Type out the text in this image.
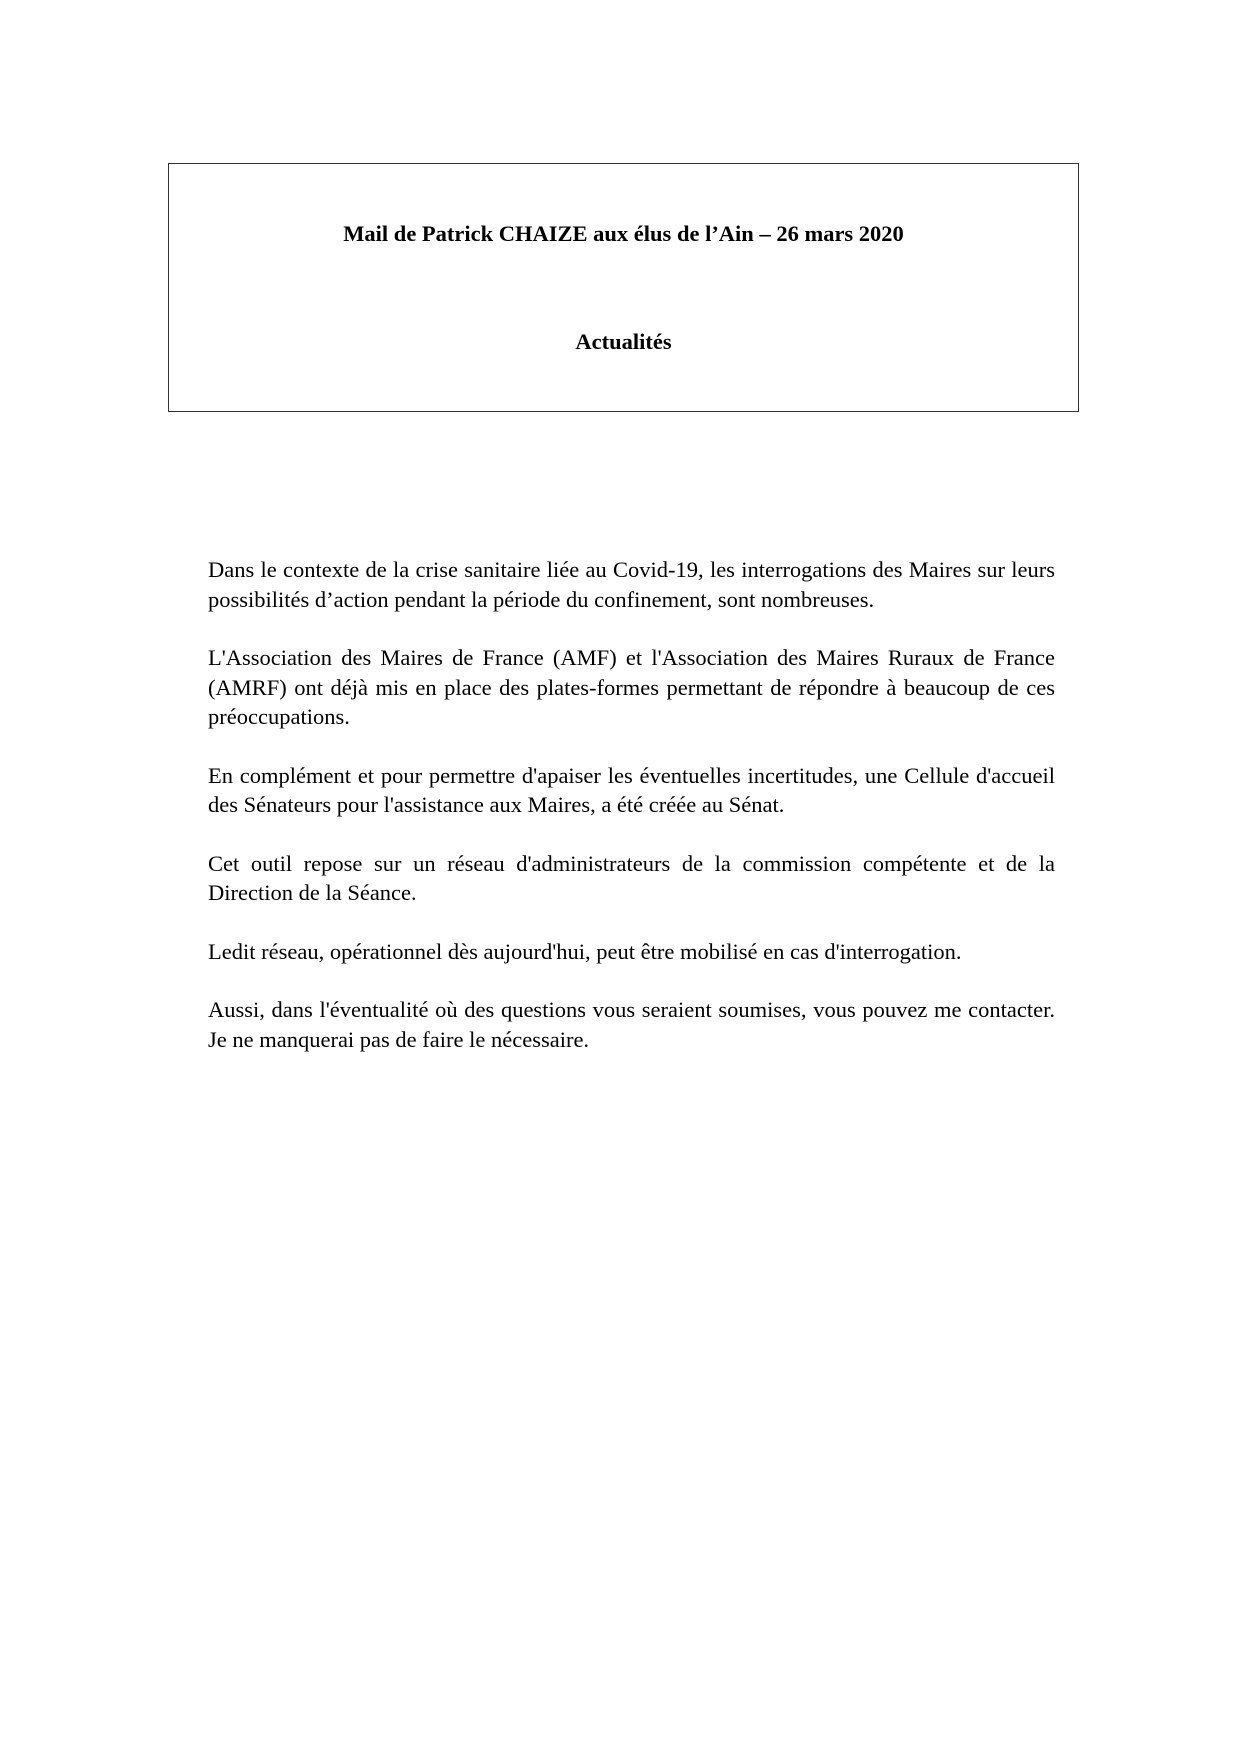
Mail de Patrick CHAIZE aux élus de l’Ain – 26 mars 2020

Actualités

Dans le contexte de la crise sanitaire liée au Covid-19, les interrogations des Maires sur leurs possibilités d’action pendant la période du confinement, sont nombreuses.

L'Association des Maires de France (AMF) et l'Association des Maires Ruraux de France (AMRF) ont déjà mis en place des plates-formes permettant de répondre à beaucoup de ces préoccupations.

En complément et pour permettre d'apaiser les éventuelles incertitudes, une Cellule d'accueil des Sénateurs pour l'assistance aux Maires, a été créée au Sénat.

Cet outil repose sur un réseau d'administrateurs de la commission compétente et de la Direction de la Séance.

Ledit réseau, opérationnel dès aujourd'hui, peut être mobilisé en cas d'interrogation.

Aussi, dans l'éventualité où des questions vous seraient soumises, vous pouvez me contacter. Je ne manquerai pas de faire le nécessaire.
